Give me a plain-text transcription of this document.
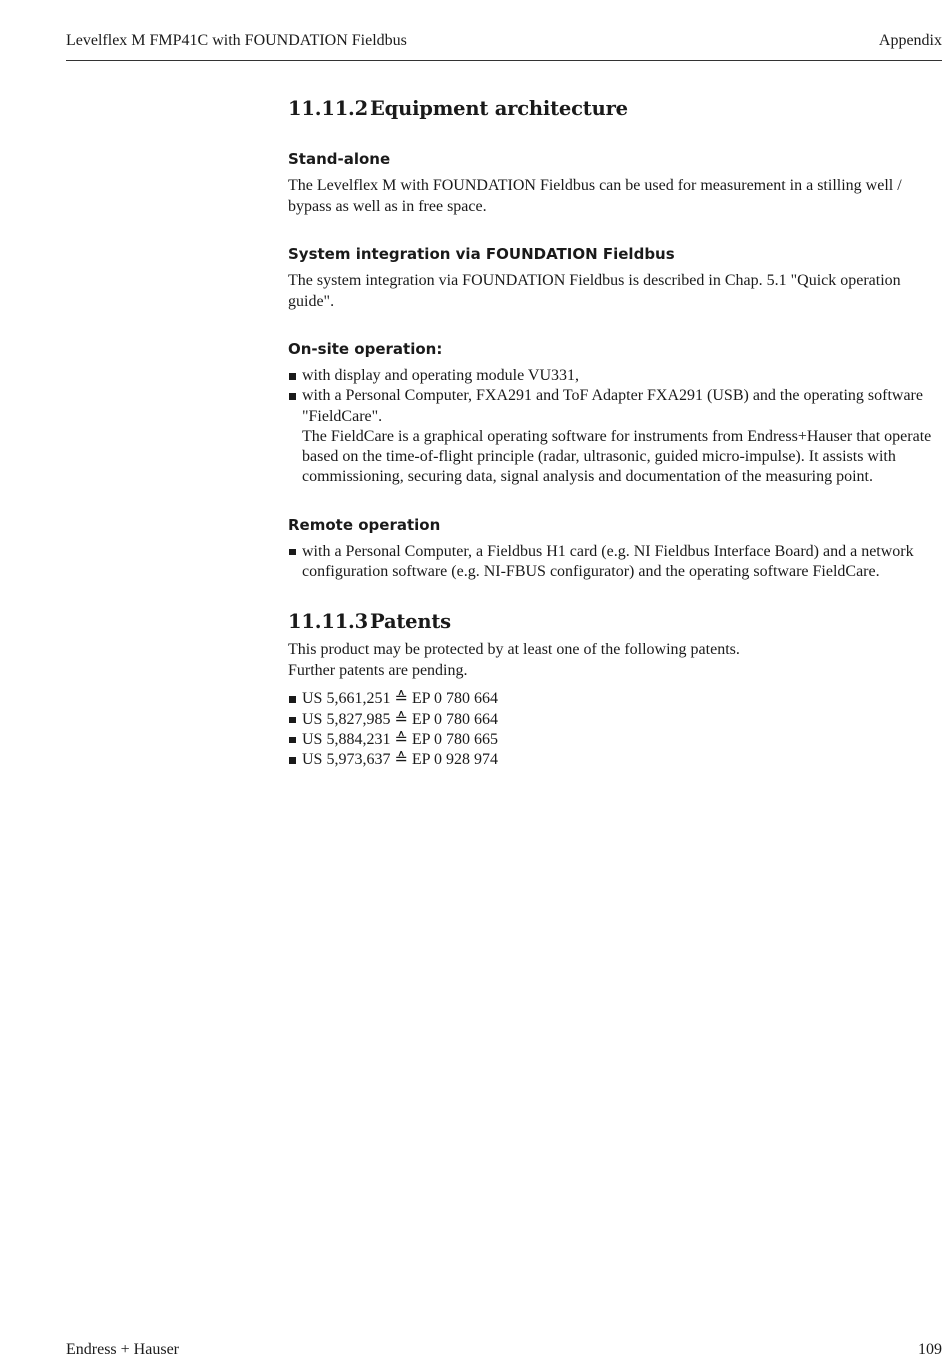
Levelflex M FMP41C with FOUNDATION Fieldbus	Appendix
11.11.2 Equipment architecture
Stand-alone

The Levelflex M with FOUNDATION Fieldbus can be used for measurement in a stilling well / bypass as well as in free space.

System integration via FOUNDATION Fieldbus

The system integration via FOUNDATION Fieldbus is described in Chap. 5.1 "Quick operation guide".

On-site operation:
with display and operating module VU331,
with a Personal Computer, FXA291 and ToF Adapter FXA291 (USB) and the operating software "FieldCare".
The FieldCare is a graphical operating software for instruments from Endress+Hauser that operate based on the time-of-flight principle (radar, ultrasonic, guided micro-impulse). It assists with commissioning, securing data, signal analysis and documentation of the measuring point.
Remote operation
with a Personal Computer, a Fieldbus H1 card (e.g. NI Fieldbus Interface Board) and a network configuration software (e.g. NI-FBUS configurator) and the operating software FieldCare.
11.11.3 Patents

This product may be protected by at least one of the following patents.

Further patents are pending.

US 5,661,251 ≙ EP 0 780 664
US 5,827,985 ≙ EP 0 780 664
US 5,884,231 ≙ EP 0 780 665
US 5,973,637 ≙ EP 0 928 974
Endress + Hauser	109
